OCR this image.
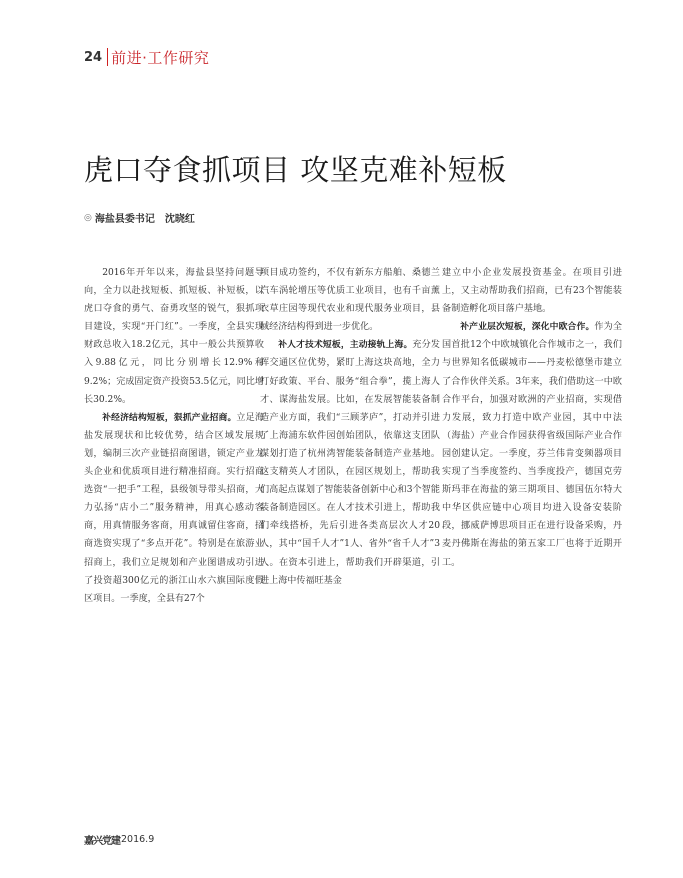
24 前进·工作研究
虎口夺食抓项目 攻坚克难补短板
◎ 海盐县委书记　沈晓红

2016年开年以来，海盐县坚持问题导向，全力以赴找短板、抓短板、补短板，以虎口夺食的勇气、奋勇攻坚的锐气，狠抓项目建设，实现“开门红”。一季度，全县实现财政总收入18.2亿元，其中一般公共预算收入9.88亿元，同比分别增长12.9%和9.2%；完成固定资产投资53.5亿元，同比增长30.2%。

补经济结构短板，狠抓产业招商。立足海盐发展现状和比较优势，结合区域发展规划，编制三次产业链招商图谱，锁定产业龙头企业和优质项目进行精准招商。实行招商选资“一把手”工程，县级领导带头招商，大力弘扬“店小二”服务精神，用真心感动客商，用真情服务客商，用真诚留住客商，招商选资实现了“多点开花”。特别是在旅游业招商上，我们立足规划和产业图谱成功引进了投资超300亿元的浙江山水六旗国际度假区项目。一季度，全县有27个

项目成功签约，不仅有新东方船舶、桑德兰汽车涡轮增压等优质工业项目，也有千亩薰衣草庄园等现代农业和现代服务业项目，县域经济结构得到进一步优化。

补人才技术短板，主动接轨上海。充分发挥交通区位优势，紧盯上海这块高地，全力打好政策、平台、服务“组合拳”，揽上海人才、谋海盐发展。比如，在发展智能装备制造产业方面，我们“三顾茅庐”，打动并引进了上海浦东软件园创始团队，依靠这支团队谋划打造了杭州湾智能装备制造产业基地。这支精英人才团队，在园区规划上，帮助我们高起点谋划了智能装备创新中心和3个智能装备制造园区。在人才技术引进上，帮助我们牵线搭桥，先后引进各类高层次人才20人，其中“国千人才”1人、省外“省千人才”3人。在资本引进上，帮助我们开辟渠道，引进上海中传福旺基金

建立中小企业发展投资基金。在项目引进上，又主动帮助我们招商，已有23个智能装备制造孵化项目落户基地。

补产业层次短板，深化中欧合作。作为全国首批12个中欧城镇化合作城市之一，我们与世界知名低碳城市——丹麦松德堡市建立了合作伙伴关系。3年来，我们借助这一中欧合作平台，加强对欧洲的产业招商，实现借力发展，致力打造中欧产业园，其中中法（海盐）产业合作园获得省级国际产业合作园创建认定。一季度，芬兰伟肯变频器项目实现了当季度签约、当季度投产，德国克劳斯玛菲在海盐的第三期项目、德国伍尔特大中华区供应链中心项目均进入设备安装阶段，挪威萨博思项目正在进行设备采购，丹麦丹佛斯在海盐的第五家工厂也将于近期开工。

嘉兴党建 2016.9
